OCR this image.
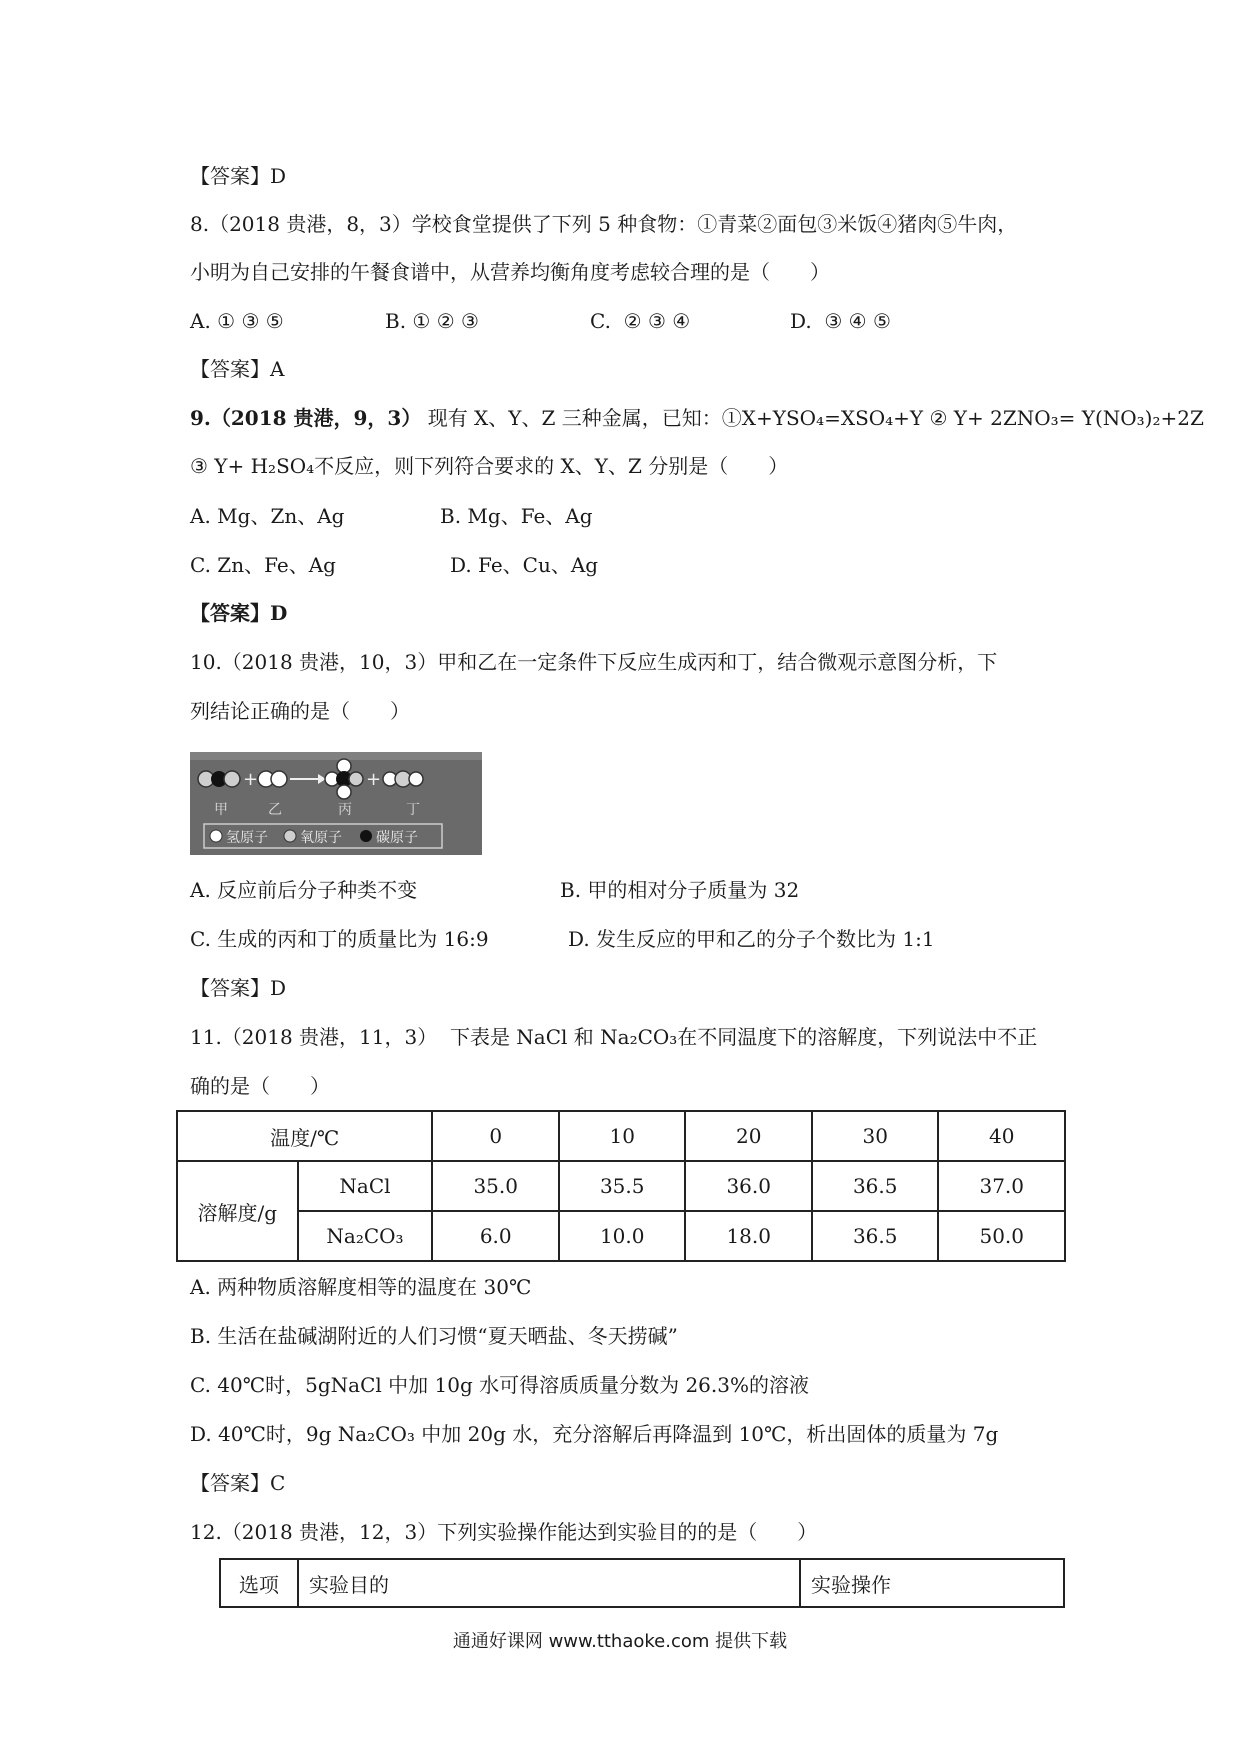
【答案】D
8.（2018 贵港，8，3）学校食堂提供了下列 5 种食物：①青菜②面包③米饭④猪肉⑤牛肉，
小明为自己安排的午餐食谱中，从营养均衡角度考虑较合理的是（　　）
A. ① ③ ⑤	B. ① ② ③	C.  ② ③ ④	D.  ③ ④ ⑤
【答案】A
9.（2018 贵港，9，3） 现有 X、Y、Z 三种金属，已知：①X+YSO₄=XSO₄+Y ② Y+ 2ZNO₃= Y(NO₃)₂+2Z
③ Y+ H₂SO₄不反应，则下列符合要求的 X、Y、Z 分别是（　　）
A. Mg、Zn、Ag	B. Mg、Fe、Ag
C. Zn、Fe、Ag	D. Fe、Cu、Ag
【答案】D
10.（2018 贵港，10，3）甲和乙在一定条件下反应生成丙和丁，结合微观示意图分析，下
列结论正确的是（　　）
+	+
甲	乙	丙	丁
氢原子 氧原子 碳原子
A. 反应前后分子种类不变	B. 甲的相对分子质量为 32
C. 生成的丙和丁的质量比为 16:9	D. 发生反应的甲和乙的分子个数比为 1:1
【答案】D
11.（2018 贵港，11，3）  下表是 NaCl 和 Na₂CO₃在不同温度下的溶解度，下列说法中不正
确的是（　　）
温度/℃		0	10	20	30	40
溶解度/g	NaCl	35.0	35.5	36.0	36.5	37.0
	Na₂CO₃	6.0	10.0	18.0	36.5	50.0
A. 两种物质溶解度相等的温度在 30℃
B. 生活在盐碱湖附近的人们习惯“夏天晒盐、冬天捞碱”
C. 40℃时，5gNaCl 中加 10g 水可得溶质质量分数为 26.3%的溶液
D. 40℃时，9g Na₂CO₃ 中加 20g 水，充分溶解后再降温到 10℃，析出固体的质量为 7g
【答案】C
12.（2018 贵港，12，3）下列实验操作能达到实验目的的是（　　）
选项	实验目的	实验操作
通通好课网 www.tthaoke.com 提供下载
